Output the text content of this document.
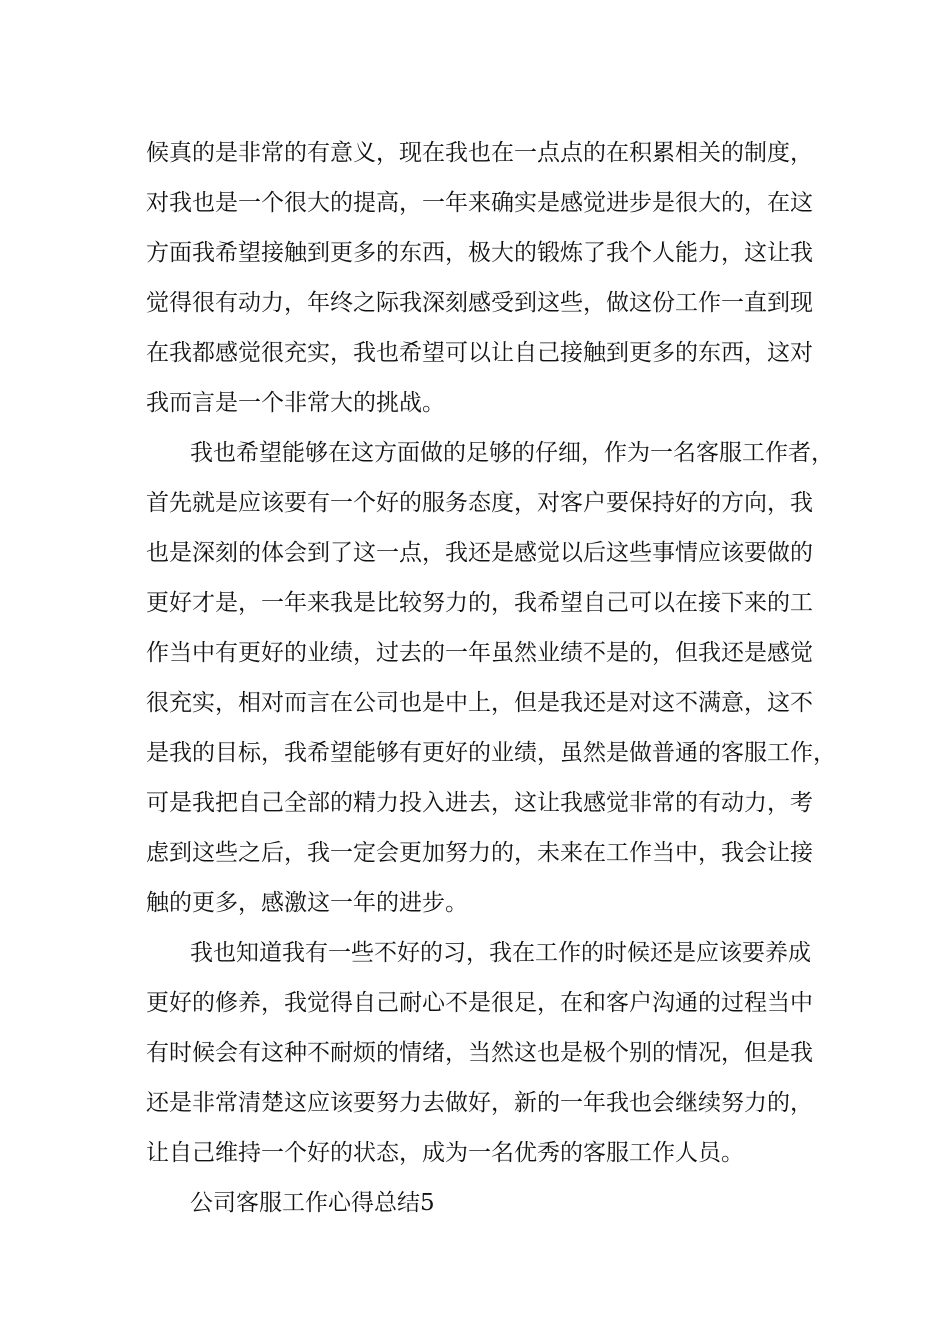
候真的是非常的有意义，现在我也在一点点的在积累相关的制度，
对我也是一个很大的提高，一年来确实是感觉进步是很大的，在这
方面我希望接触到更多的东西，极大的锻炼了我个人能力，这让我
觉得很有动力，年终之际我深刻感受到这些，做这份工作一直到现
在我都感觉很充实，我也希望可以让自己接触到更多的东西，这对
我而言是一个非常大的挑战。
我也希望能够在这方面做的足够的仔细，作为一名客服工作者，
首先就是应该要有一个好的服务态度，对客户要保持好的方向，我
也是深刻的体会到了这一点，我还是感觉以后这些事情应该要做的
更好才是，一年来我是比较努力的，我希望自己可以在接下来的工
作当中有更好的业绩，过去的一年虽然业绩不是的，但我还是感觉
很充实，相对而言在公司也是中上，但是我还是对这不满意，这不
是我的目标，我希望能够有更好的业绩，虽然是做普通的客服工作，
可是我把自己全部的精力投入进去，这让我感觉非常的有动力，考
虑到这些之后，我一定会更加努力的，未来在工作当中，我会让接
触的更多，感激这一年的进步。
我也知道我有一些不好的习，我在工作的时候还是应该要养成
更好的修养，我觉得自己耐心不是很足，在和客户沟通的过程当中
有时候会有这种不耐烦的情绪，当然这也是极个别的情况，但是我
还是非常清楚这应该要努力去做好，新的一年我也会继续努力的，
让自己维持一个好的状态，成为一名优秀的客服工作人员。
公司客服工作心得总结5
